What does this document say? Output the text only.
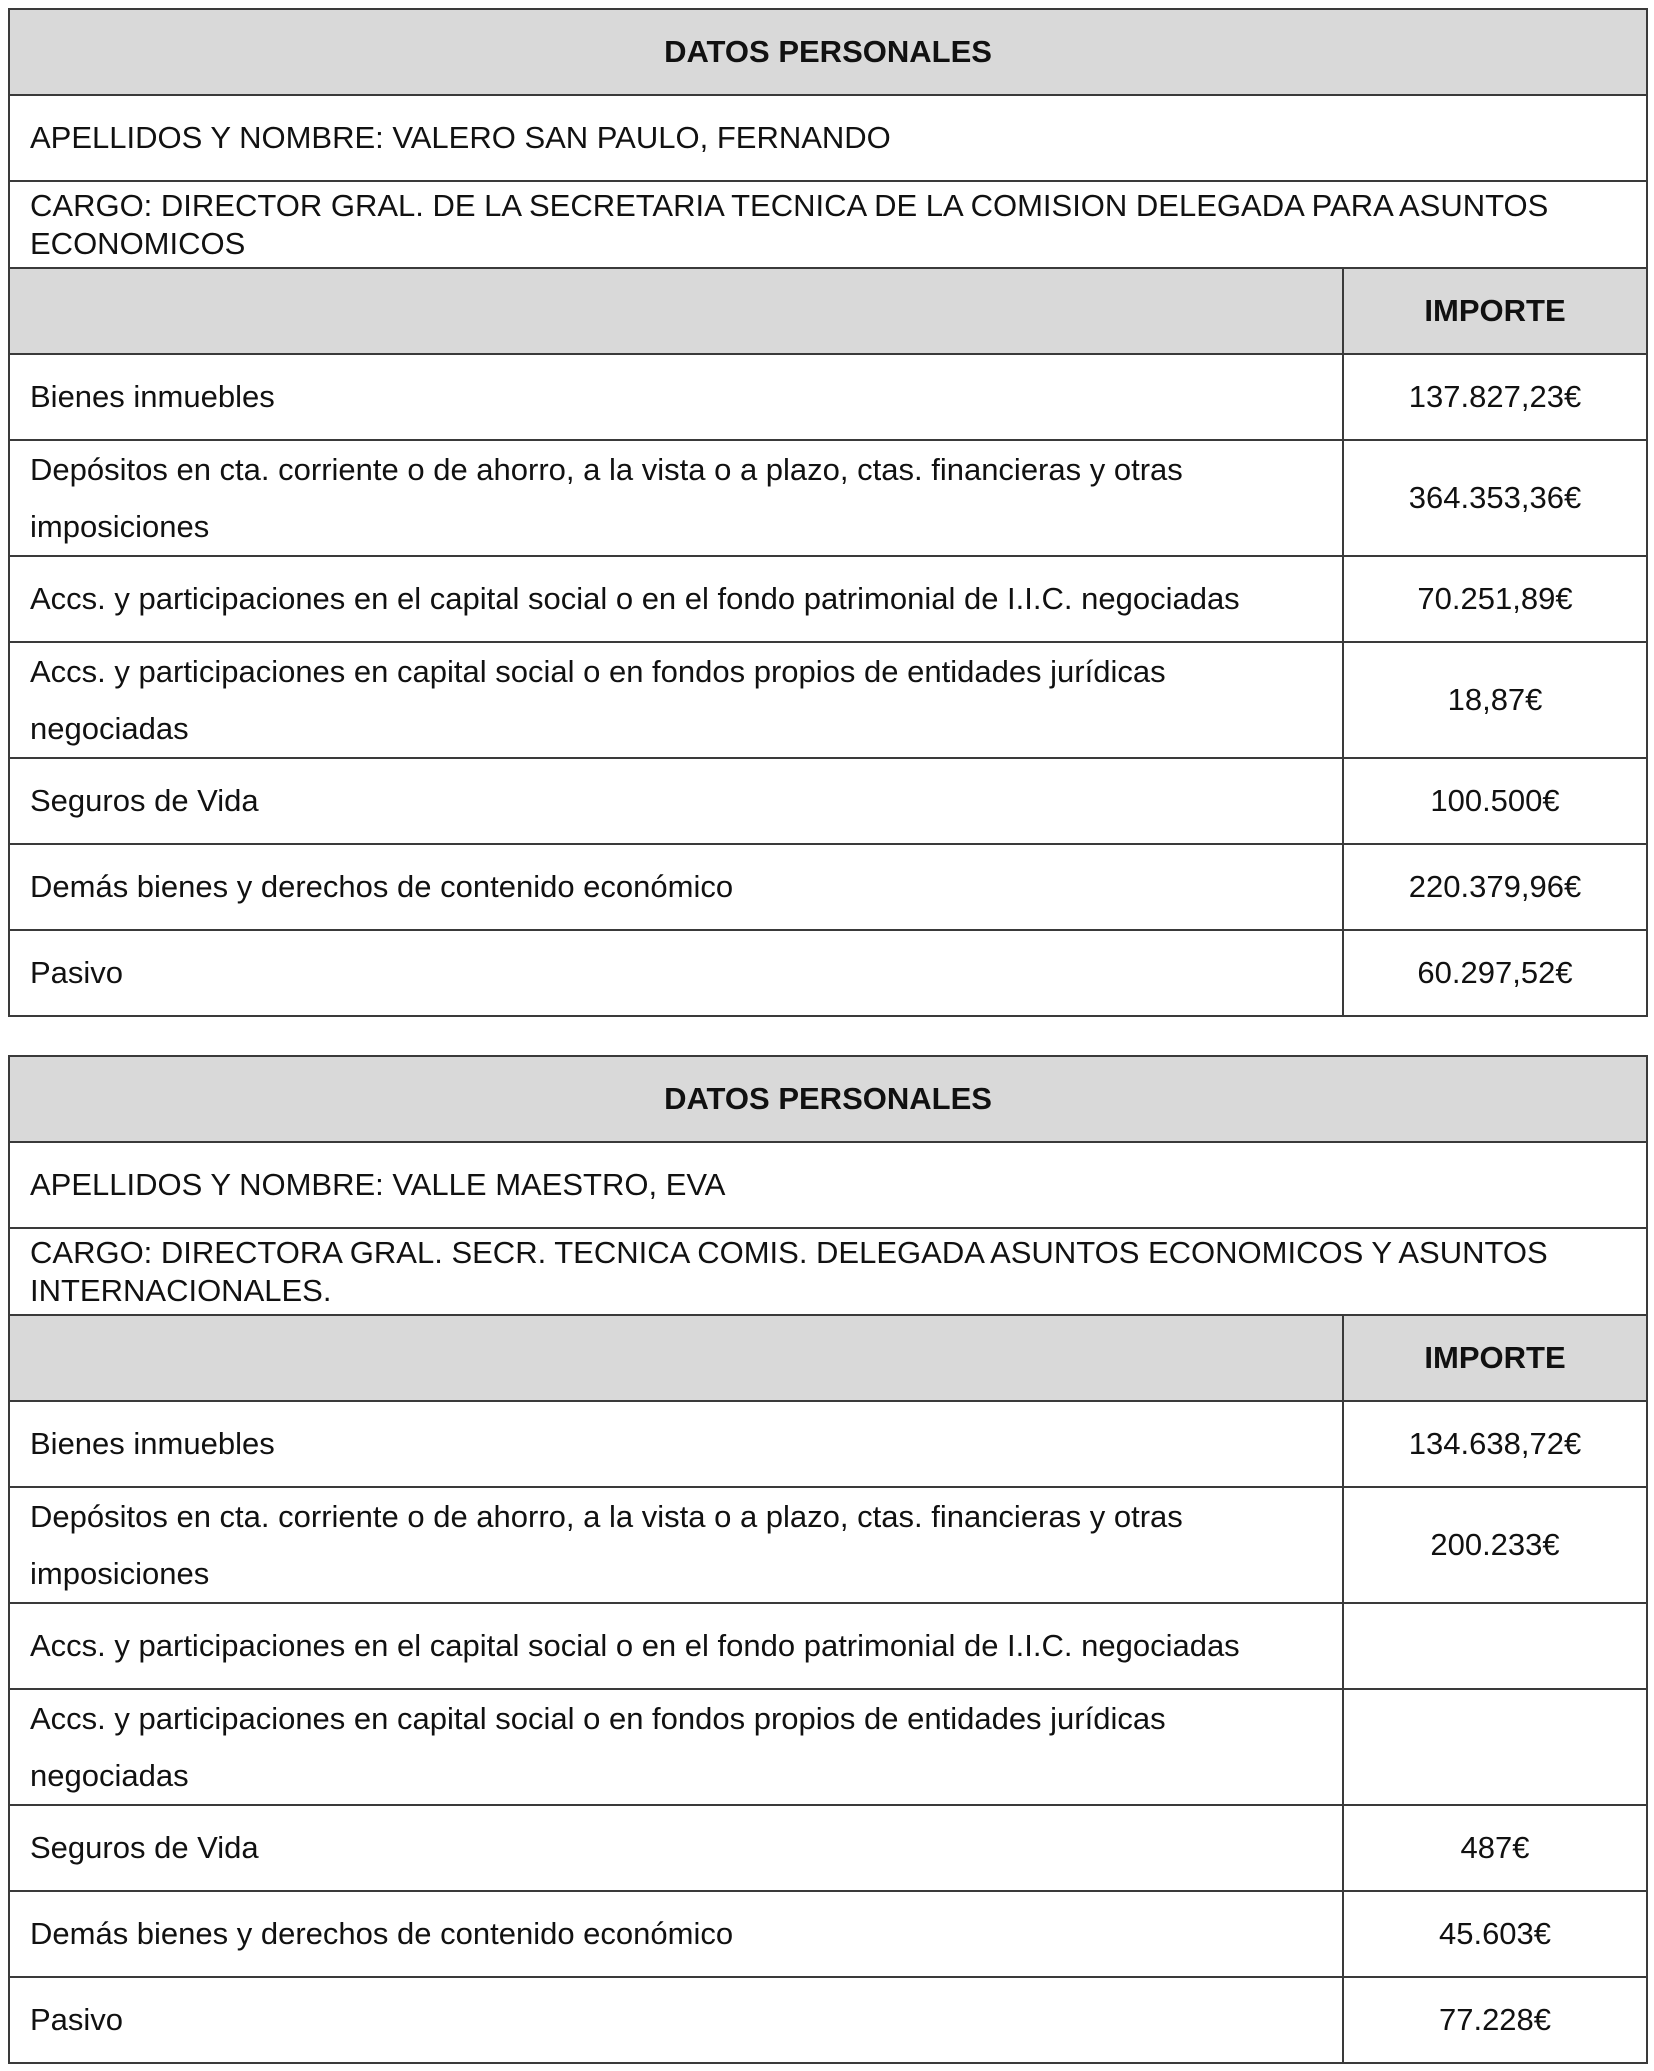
DATOS PERSONALES	
APELLIDOS Y NOMBRE: VALERO SAN PAULO, FERNANDO	
CARGO: DIRECTOR GRAL. DE LA SECRETARIA TECNICA DE LA COMISION DELEGADA PARA ASUNTOS ECONOMICOS	
	IMPORTE
Bienes inmuebles	137.827,23€
Depósitos en cta. corriente o de ahorro, a la vista o a plazo, ctas. financieras y otras imposiciones	364.353,36€
Accs. y participaciones en el capital social o en el fondo patrimonial de I.I.C. negociadas	70.251,89€
Accs. y participaciones en capital social o en fondos propios de entidades jurídicas negociadas	18,87€
Seguros de Vida	100.500€
Demás bienes y derechos de contenido económico	220.379,96€
Pasivo	60.297,52€
DATOS PERSONALES	
APELLIDOS Y NOMBRE: VALLE MAESTRO, EVA	
CARGO: DIRECTORA GRAL. SECR. TECNICA COMIS. DELEGADA ASUNTOS ECONOMICOS Y ASUNTOS INTERNACIONALES.	
	IMPORTE
Bienes inmuebles	134.638,72€
Depósitos en cta. corriente o de ahorro, a la vista o a plazo, ctas. financieras y otras imposiciones	200.233€
Accs. y participaciones en el capital social o en el fondo patrimonial de I.I.C. negociadas	
Accs. y participaciones en capital social o en fondos propios de entidades jurídicas negociadas	
Seguros de Vida	487€
Demás bienes y derechos de contenido económico	45.603€
Pasivo	77.228€
